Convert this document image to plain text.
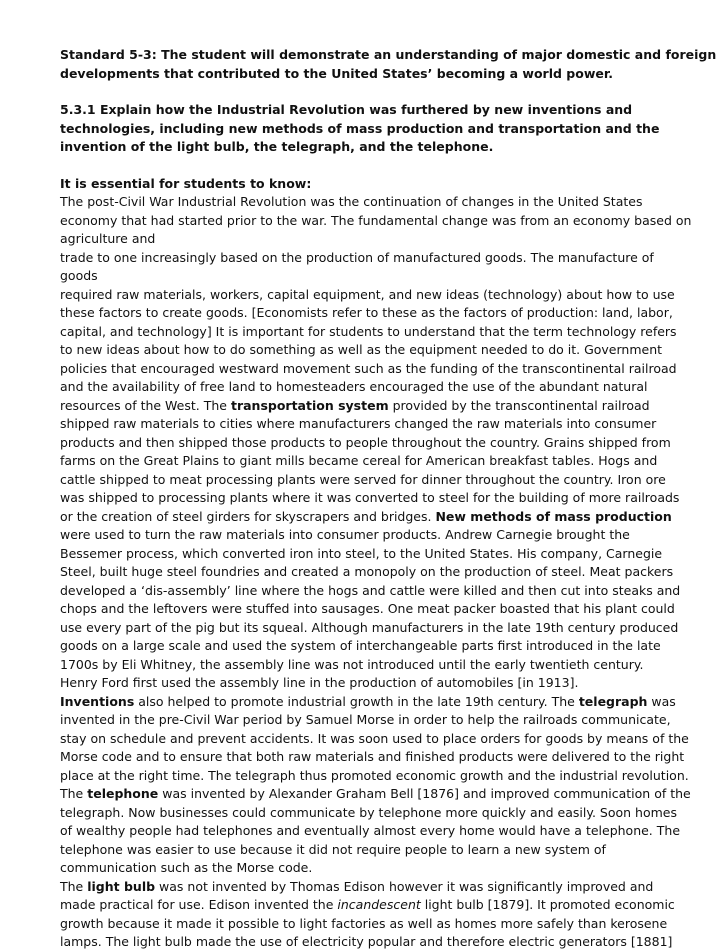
Standard 5-3: The student will demonstrate an understanding of major domestic and foreign
developments that contributed to the United States’ becoming a world power.
5.3.1 Explain how the Industrial Revolution was furthered by new inventions and
technologies, including new methods of mass production and transportation and the
invention of the light bulb, the telegraph, and the telephone.
It is essential for students to know:
The post-Civil War Industrial Revolution was the continuation of changes in the United States
economy that had started prior to the war. The fundamental change was from an economy based on
agriculture and
trade to one increasingly based on the production of manufactured goods. The manufacture of
goods
required raw materials, workers, capital equipment, and new ideas (technology) about how to use
these factors to create goods. [Economists refer to these as the factors of production: land, labor,
capital, and technology] It is important for students to understand that the term technology refers
to new ideas about how to do something as well as the equipment needed to do it. Government
policies that encouraged westward movement such as the funding of the transcontinental railroad
and the availability of free land to homesteaders encouraged the use of the abundant natural
resources of the West. The transportation system provided by the transcontinental railroad
shipped raw materials to cities where manufacturers changed the raw materials into consumer
products and then shipped those products to people throughout the country. Grains shipped from
farms on the Great Plains to giant mills became cereal for American breakfast tables. Hogs and
cattle shipped to meat processing plants were served for dinner throughout the country. Iron ore
was shipped to processing plants where it was converted to steel for the building of more railroads
or the creation of steel girders for skyscrapers and bridges. New methods of mass production
were used to turn the raw materials into consumer products. Andrew Carnegie brought the
Bessemer process, which converted iron into steel, to the United States. His company, Carnegie
Steel, built huge steel foundries and created a monopoly on the production of steel. Meat packers
developed a ‘dis-assembly’ line where the hogs and cattle were killed and then cut into steaks and
chops and the leftovers were stuffed into sausages. One meat packer boasted that his plant could
use every part of the pig but its squeal. Although manufacturers in the late 19th century produced
goods on a large scale and used the system of interchangeable parts first introduced in the late
1700s by Eli Whitney, the assembly line was not introduced until the early twentieth century.
Henry Ford first used the assembly line in the production of automobiles [in 1913].
Inventions also helped to promote industrial growth in the late 19th century. The telegraph was
invented in the pre-Civil War period by Samuel Morse in order to help the railroads communicate,
stay on schedule and prevent accidents. It was soon used to place orders for goods by means of the
Morse code and to ensure that both raw materials and finished products were delivered to the right
place at the right time. The telegraph thus promoted economic growth and the industrial revolution.
The telephone was invented by Alexander Graham Bell [1876] and improved communication of the
telegraph. Now businesses could communicate by telephone more quickly and easily. Soon homes
of wealthy people had telephones and eventually almost every home would have a telephone. The
telephone was easier to use because it did not require people to learn a new system of
communication such as the Morse code.
The light bulb was not invented by Thomas Edison however it was significantly improved and
made practical for use. Edison invented the incandescent light bulb [1879]. It promoted economic
growth because it made it possible to light factories as well as homes more safely than kerosene
lamps. The light bulb made the use of electricity popular and therefore electric generators [1881]
